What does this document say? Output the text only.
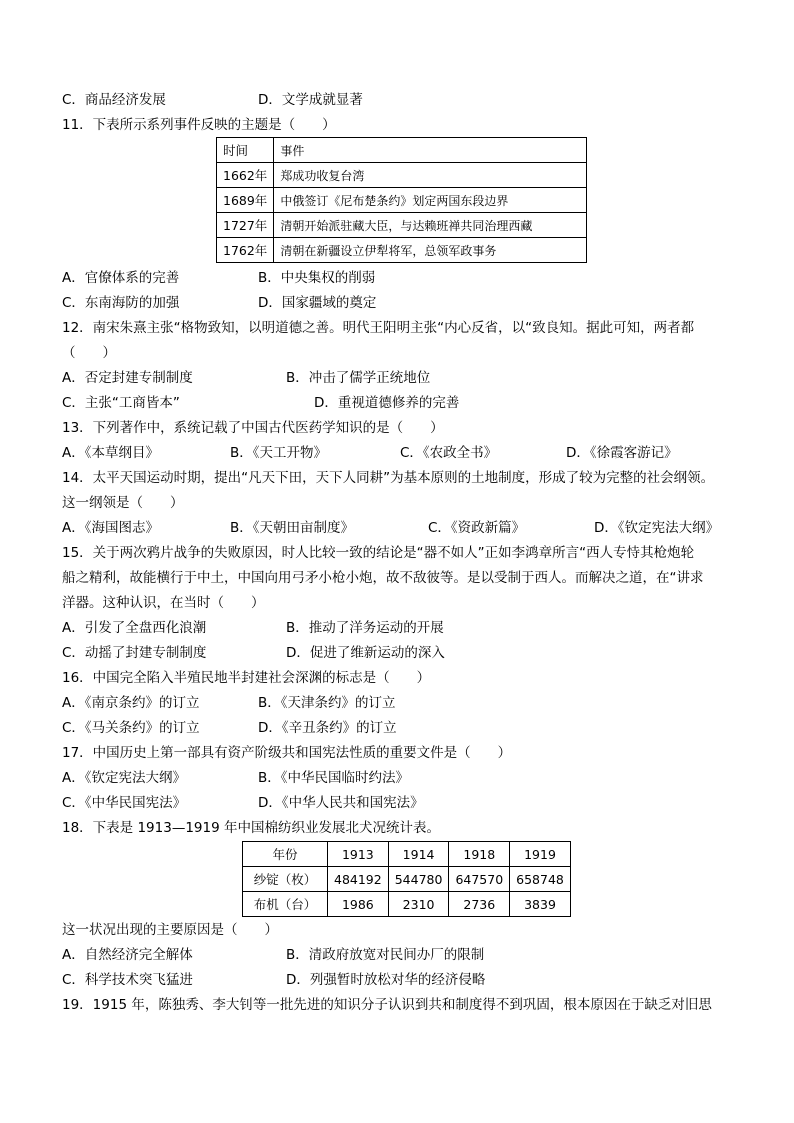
C．商品经济发展	D．文学成就显著
11．下表所示系列事件反映的主题是（　　）
时间	事件
1662年	郑成功收复台湾
1689年	中俄签订《尼布楚条约》划定两国东段边界
1727年	清朝开始派驻藏大臣，与达赖班禅共同治理西藏
1762年	清朝在新疆设立伊犁将军，总领军政事务
A．官僚体系的完善	B．中央集权的削弱
C．东南海防的加强	D．国家疆域的奠定
12．南宋朱熹主张“格物致知，以明道德之善。明代王阳明主张“内心反省，以“致良知。据此可知，两者都
（　　）
A．否定封建专制制度	B．冲击了儒学正统地位
C．主张“工商皆本”	D．重视道德修养的完善
13．下列著作中，系统记载了中国古代医药学知识的是（　　）
A．《本草纲目》	B．《天工开物》	C．《农政全书》	D．《徐霞客游记》
14．太平天国运动时期，提出“凡天下田，天下人同耕”为基本原则的土地制度，形成了较为完整的社会纲领。
这一纲领是（　　）
A．《海国图志》	B．《天朝田亩制度》	C．《资政新篇》	D．《钦定宪法大纲》
15．关于两次鸦片战争的失败原因，时人比较一致的结论是“器不如人”正如李鸿章所言“西人专恃其枪炮轮
船之精利，故能横行于中土，中国向用弓矛小枪小炮，故不敌彼等。是以受制于西人。而解决之道，在“讲求
洋器。这种认识，在当时（　　）
A．引发了全盘西化浪潮	B．推动了洋务运动的开展
C．动摇了封建专制制度	D．促进了维新运动的深入
16．中国完全陷入半殖民地半封建社会深渊的标志是（　　）
A．《南京条约》的订立	B．《天津条约》的订立
C．《马关条约》的订立	D．《辛丑条约》的订立
17．中国历史上第一部具有资产阶级共和国宪法性质的重要文件是（　　）
A．《钦定宪法大纲》	B．《中华民国临时约法》
C．《中华民国宪法》	D．《中华人民共和国宪法》
18．下表是 1913—1919 年中国棉纺织业发展北犬况统计表。
年份	1913	1914	1918	1919
纱锭（枚）	484192	544780	647570	658748
布机（台）	1986	2310	2736	3839
这一状况出现的主要原因是（　　）
A．自然经济完全解体	B．清政府放宽对民间办厂的限制
C．科学技术突飞猛进	D．列强暂时放松对华的经济侵略
19．1915 年，陈独秀、李大钊等一批先进的知识分子认识到共和制度得不到巩固，根本原因在于缺乏对旧思
